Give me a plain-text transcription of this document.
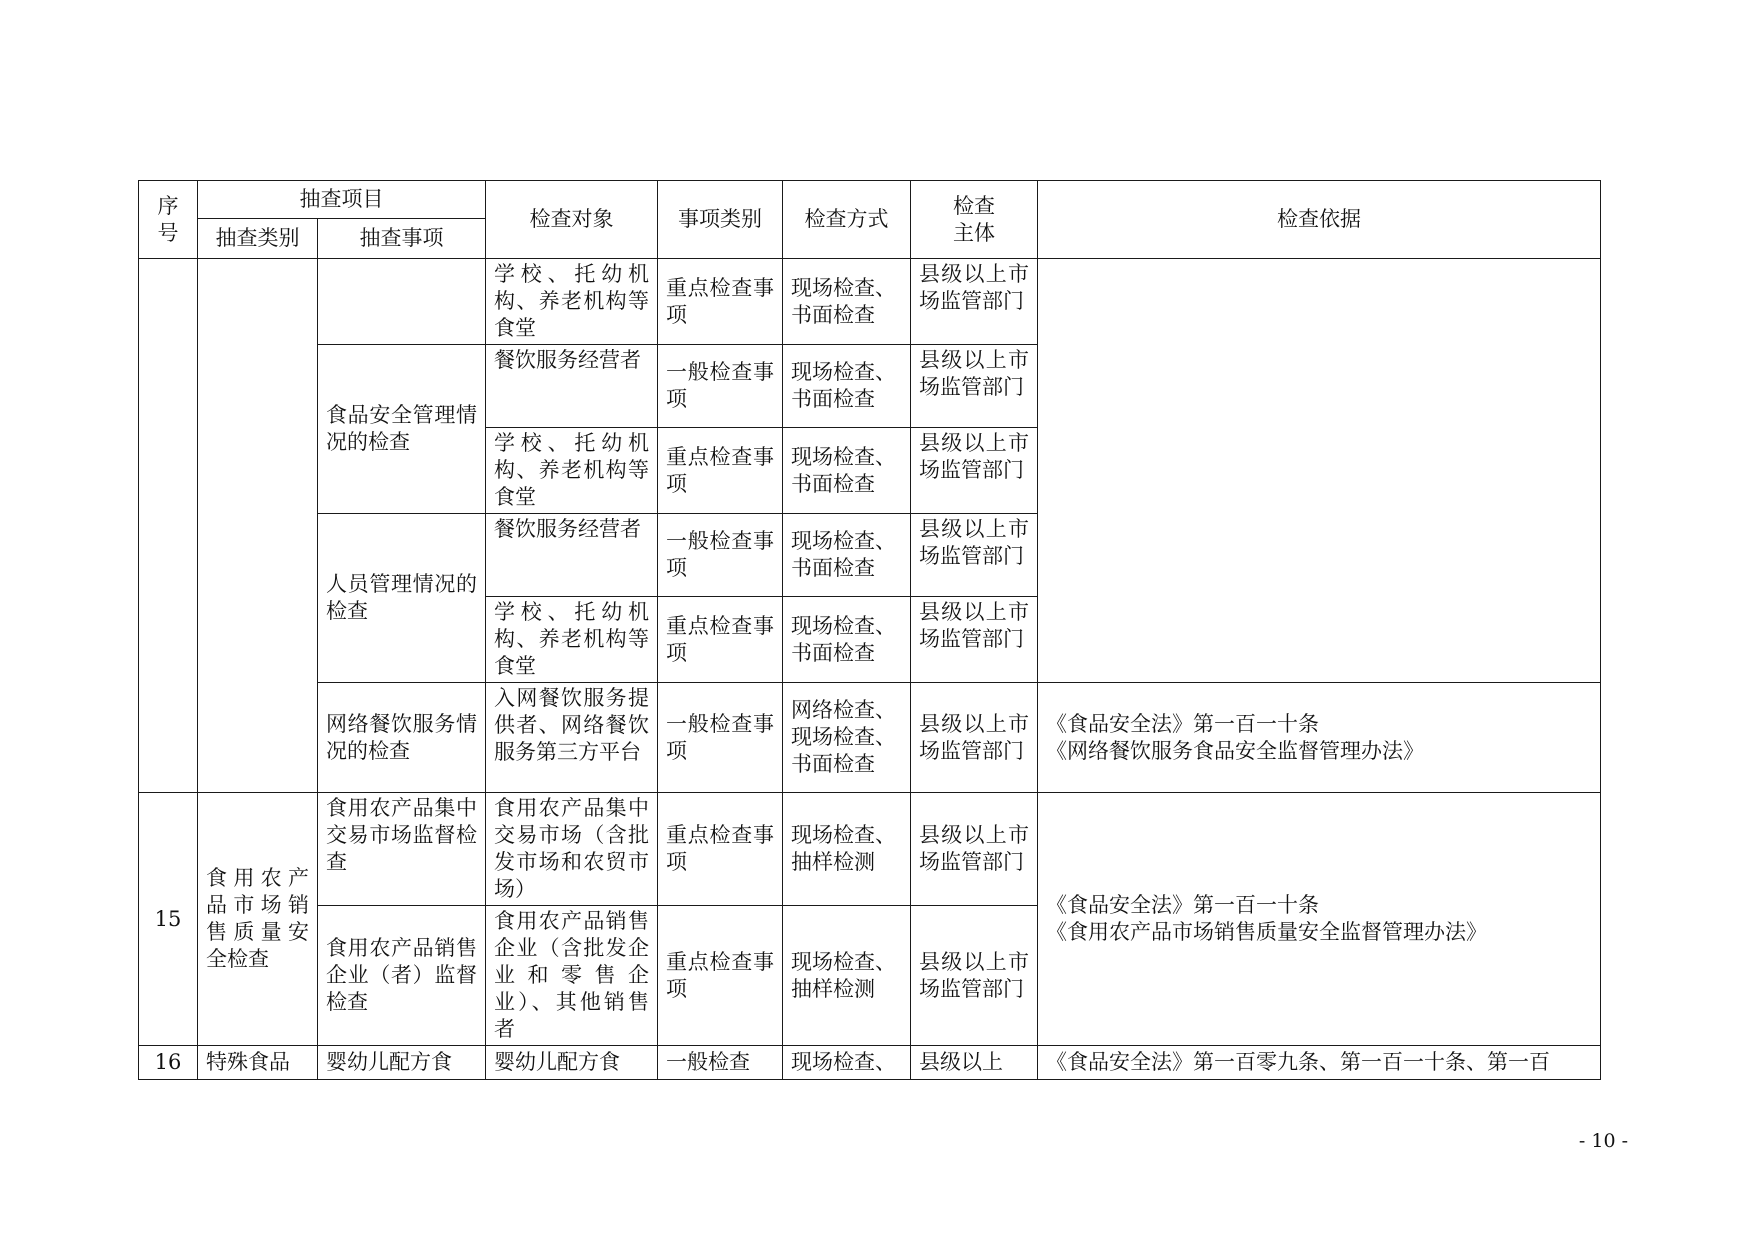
序号	抽查项目		检查对象	事项类别	检查方式	检查主体	检查依据
	抽查类别	抽查事项					
			学校、托幼机构、养老机构等食堂	重点检查事项	现场检查、书面检查	县级以上市场监管部门	
		食品安全管理情况的检查	餐饮服务经营者	一般检查事项	现场检查、书面检查	县级以上市场监管部门	
			学校、托幼机构、养老机构等食堂	重点检查事项	现场检查、书面检查	县级以上市场监管部门	
		人员管理情况的检查	餐饮服务经营者	一般检查事项	现场检查、书面检查	县级以上市场监管部门	
			学校、托幼机构、养老机构等食堂	重点检查事项	现场检查、书面检查	县级以上市场监管部门	
		网络餐饮服务情况的检查	入网餐饮服务提供者、网络餐饮服务第三方平台	一般检查事项	网络检查、现场检查、书面检查	县级以上市场监管部门	《食品安全法》第一百一十条
《网络餐饮服务食品安全监督管理办法》

15	食用农产品市场销售质量安全检查	食用农产品集中交易市场监督检查	食用农产品集中交易市场（含批发市场和农贸市场）	重点检查事项	现场检查、抽样检测	县级以上市场监管部门	《食品安全法》第一百一十条
《食用农产品市场销售质量安全监督管理办法》

		食用农产品销售企业（者）监督检查	食用农产品销售企业（含批发企业和零售企业）、其他销售者	重点检查事项	现场检查、抽样检测	县级以上市场监管部门	
16	特殊食品	婴幼儿配方食	婴幼儿配方食	一般检查	现场检查、	县级以上	《食品安全法》第一百零九条、第一百一十条、第一百
- 10 -
